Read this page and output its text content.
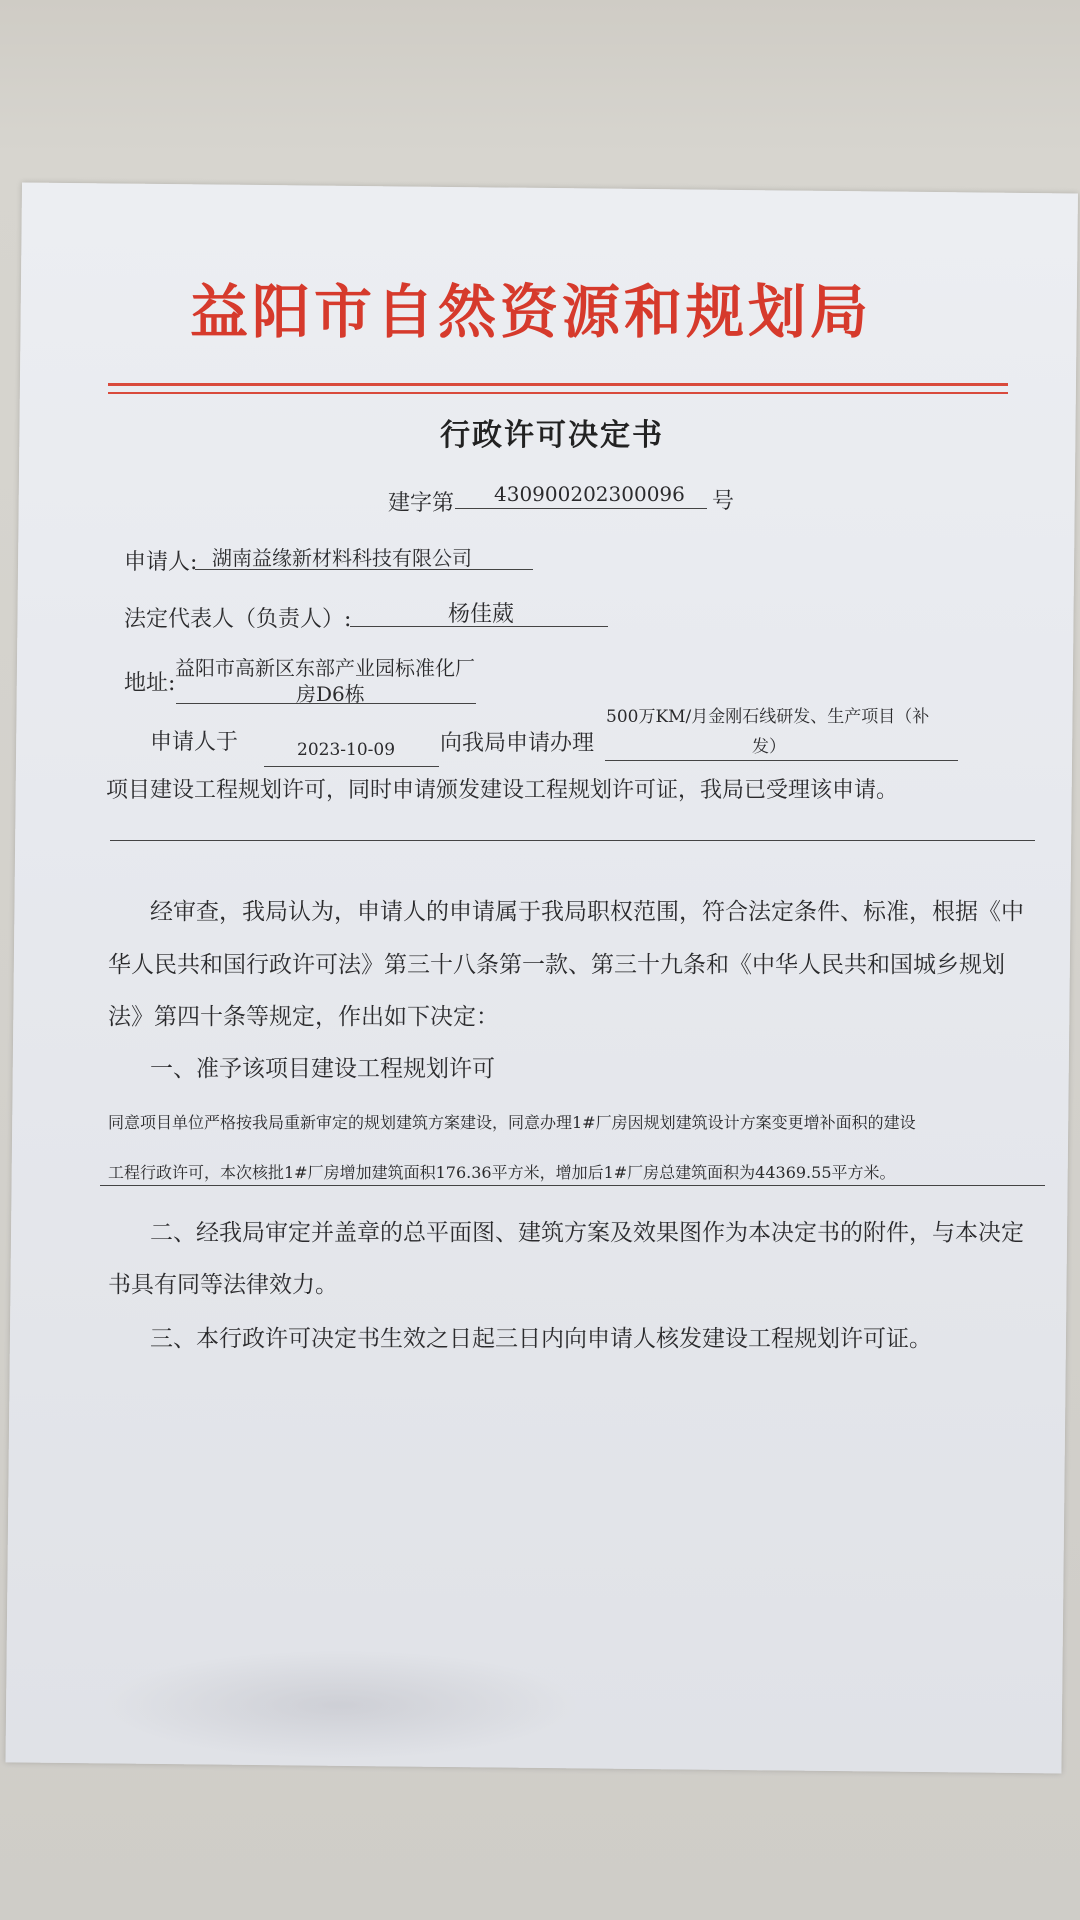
益阳市自然资源和规划局
行政许可决定书
建字第 430900202300096 号
申请人: 湖南益缘新材料科技有限公司
法定代表人（负责人）:	杨佳葳
地址:
益阳市高新区东部产业园标准化厂
房D6栋
申请人于	2023-10-09 向我局申请办理
500万KM/月金刚石线研发、生产项目（补
发）
项目建设工程规划许可，同时申请颁发建设工程规划许可证，我局已受理该申请。
经审查，我局认为，申请人的申请属于我局职权范围，符合法定条件、标准，根据《中
华人民共和国行政许可法》第三十八条第一款、第三十九条和《中华人民共和国城乡规划
法》第四十条等规定，作出如下决定：
一、准予该项目建设工程规划许可
同意项目单位严格按我局重新审定的规划建筑方案建设，同意办理1#厂房因规划建筑设计方案变更增补面积的建设
工程行政许可，本次核批1#厂房增加建筑面积176.36平方米，增加后1#厂房总建筑面积为44369.55平方米。
二、经我局审定并盖章的总平面图、建筑方案及效果图作为本决定书的附件，与本决定
书具有同等法律效力。
三、本行政许可决定书生效之日起三日内向申请人核发建设工程规划许可证。
